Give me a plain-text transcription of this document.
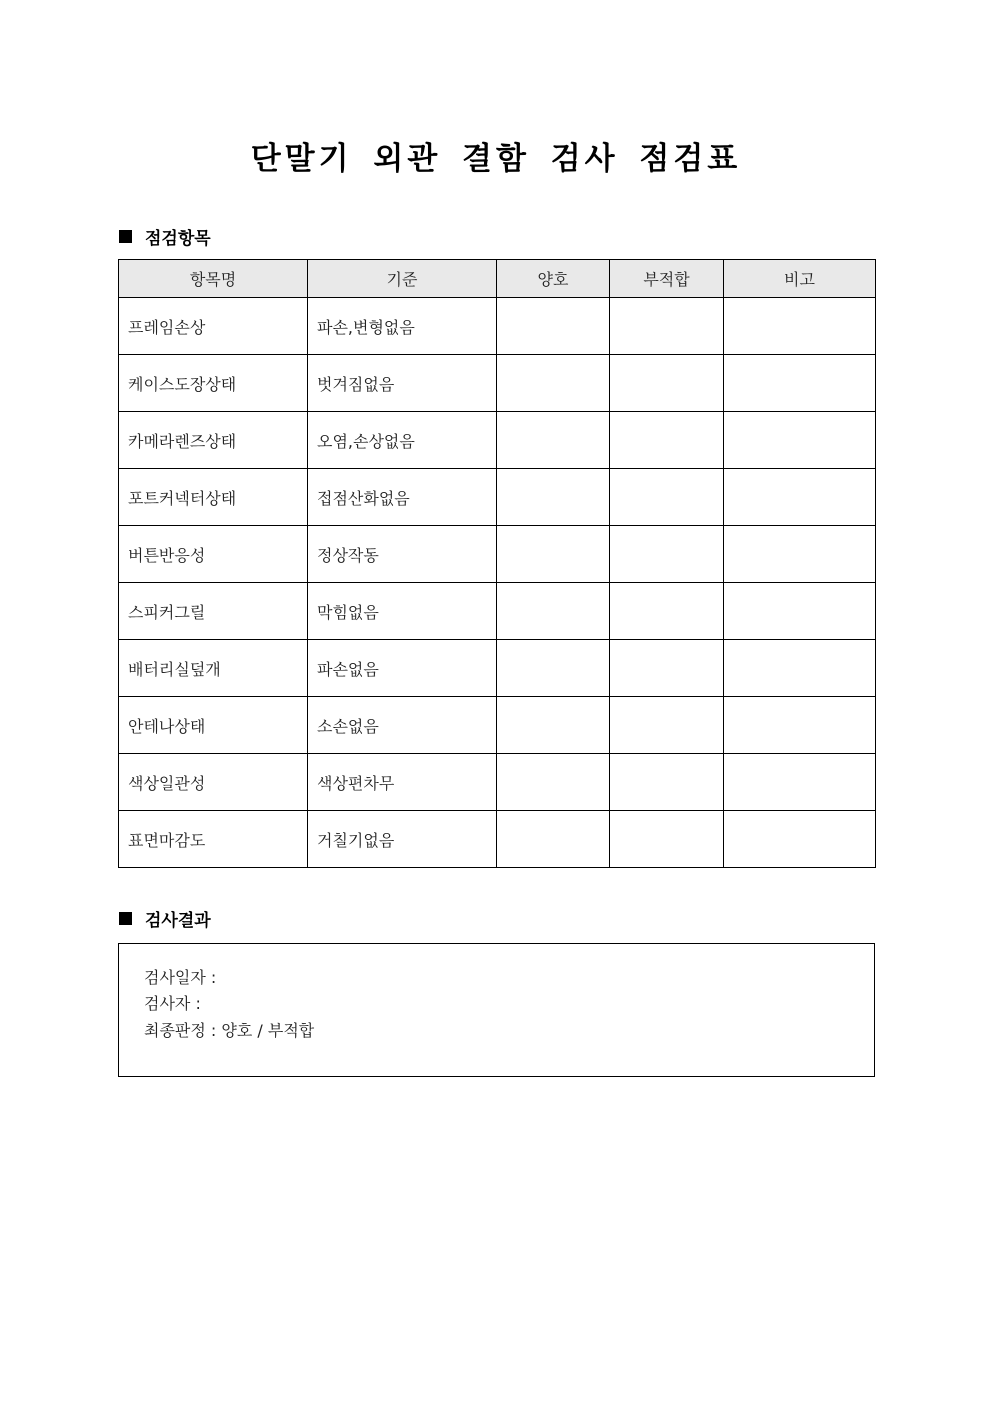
단말기 외관 결함 검사 점검표
점검항목
항목명	기준	양호	부적합	비고
프레임손상	파손,변형없음			
케이스도장상태	벗겨짐없음			
카메라렌즈상태	오염,손상없음			
포트커넥터상태	접점산화없음			
버튼반응성	정상작동			
스피커그릴	막힘없음			
배터리실덮개	파손없음			
안테나상태	소손없음			
색상일관성	색상편차무			
표면마감도	거칠기없음			
검사결과
검사일자 :
검사자 :
최종판정 : 양호 / 부적합
